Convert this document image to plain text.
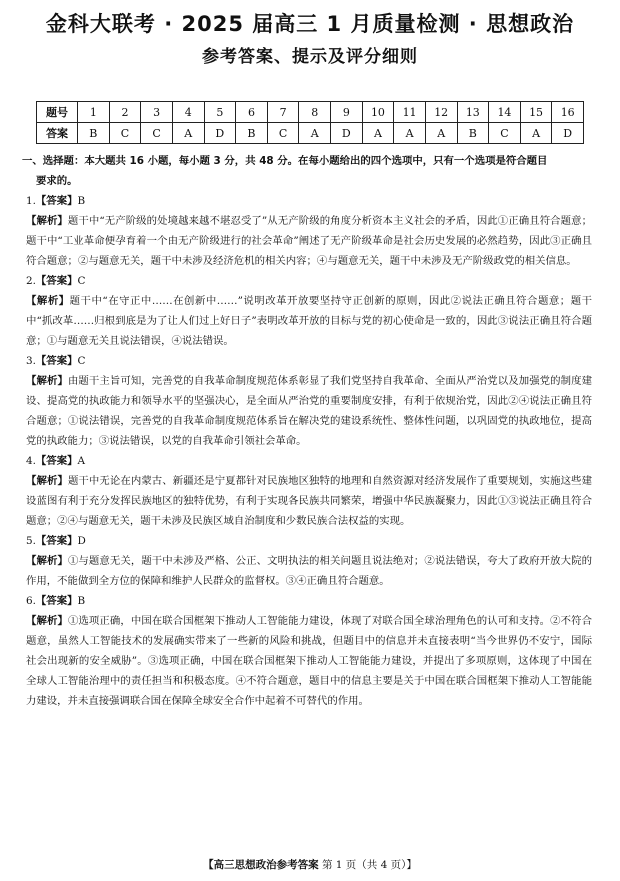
金科大联考 · 2025 届高三 1 月质量检测 · 思想政治
参考答案、提示及评分细则
题号	1	2	3	4	5	6	7	8	9	10	11	12	13	14	15	16
答案	B	C	C	A	D	B	C	A	D	A	A	A	B	C	A	D
一、选择题：本大题共 16 小题，每小题 3 分，共 48 分。在每小题给出的四个选项中，只有一个选项是符合题目
要求的。
1.【答案】B
【解析】题干中“无产阶级的处境越来越不堪忍受了”从无产阶级的角度分析资本主义社会的矛盾，因此①正确且符合题意；题干中“工业革命便孕育着一个由无产阶级进行的社会革命”阐述了无产阶级革命是社会历史发展的必然趋势，因此③正确且符合题意；②与题意无关，题干中未涉及经济危机的相关内容；④与题意无关，题干中未涉及无产阶级政党的相关信息。
2.【答案】C
【解析】题干中“在守正中……在创新中……”说明改革开放要坚持守正创新的原则，因此②说法正确且符合题意；题干中“抓改革……归根到底是为了让人们过上好日子”表明改革开放的目标与党的初心使命是一致的，因此③说法正确且符合题意；①与题意无关且说法错误，④说法错误。
3.【答案】C
【解析】由题干主旨可知，完善党的自我革命制度规范体系彰显了我们党坚持自我革命、全面从严治党以及加强党的制度建设、提高党的执政能力和领导水平的坚强决心，是全面从严治党的重要制度安排，有利于依规治党，因此②④说法正确且符合题意；①说法错误，完善党的自我革命制度规范体系旨在解决党的建设系统性、整体性问题，以巩固党的执政地位，提高党的执政能力；③说法错误，以党的自我革命引领社会革命。
4.【答案】A
【解析】题干中无论在内蒙古、新疆还是宁夏都针对民族地区独特的地理和自然资源对经济发展作了重要规划，实施这些建设蓝图有利于充分发挥民族地区的独特优势，有利于实现各民族共同繁荣，增强中华民族凝聚力，因此①③说法正确且符合题意；②④与题意无关，题干未涉及民族区域自治制度和少数民族合法权益的实现。
5.【答案】D
【解析】①与题意无关，题干中未涉及严格、公正、文明执法的相关问题且说法绝对；②说法错误，夸大了政府开放大院的作用，不能做到全方位的保障和维护人民群众的监督权。③④正确且符合题意。
6.【答案】B
【解析】①选项正确，中国在联合国框架下推动人工智能能力建设，体现了对联合国全球治理角色的认可和支持。②不符合题意，虽然人工智能技术的发展确实带来了一些新的风险和挑战，但题目中的信息并未直接表明“当今世界仍不安宁，国际社会出现新的安全威胁”。③选项正确，中国在联合国框架下推动人工智能能力建设，并提出了多项原则，这体现了中国在全球人工智能治理中的责任担当和积极态度。④不符合题意，题目中的信息主要是关于中国在联合国框架下推动人工智能能力建设，并未直接强调联合国在保障全球安全合作中起着不可替代的作用。
【高三思想政治参考答案 第 1 页（共 4 页）】
